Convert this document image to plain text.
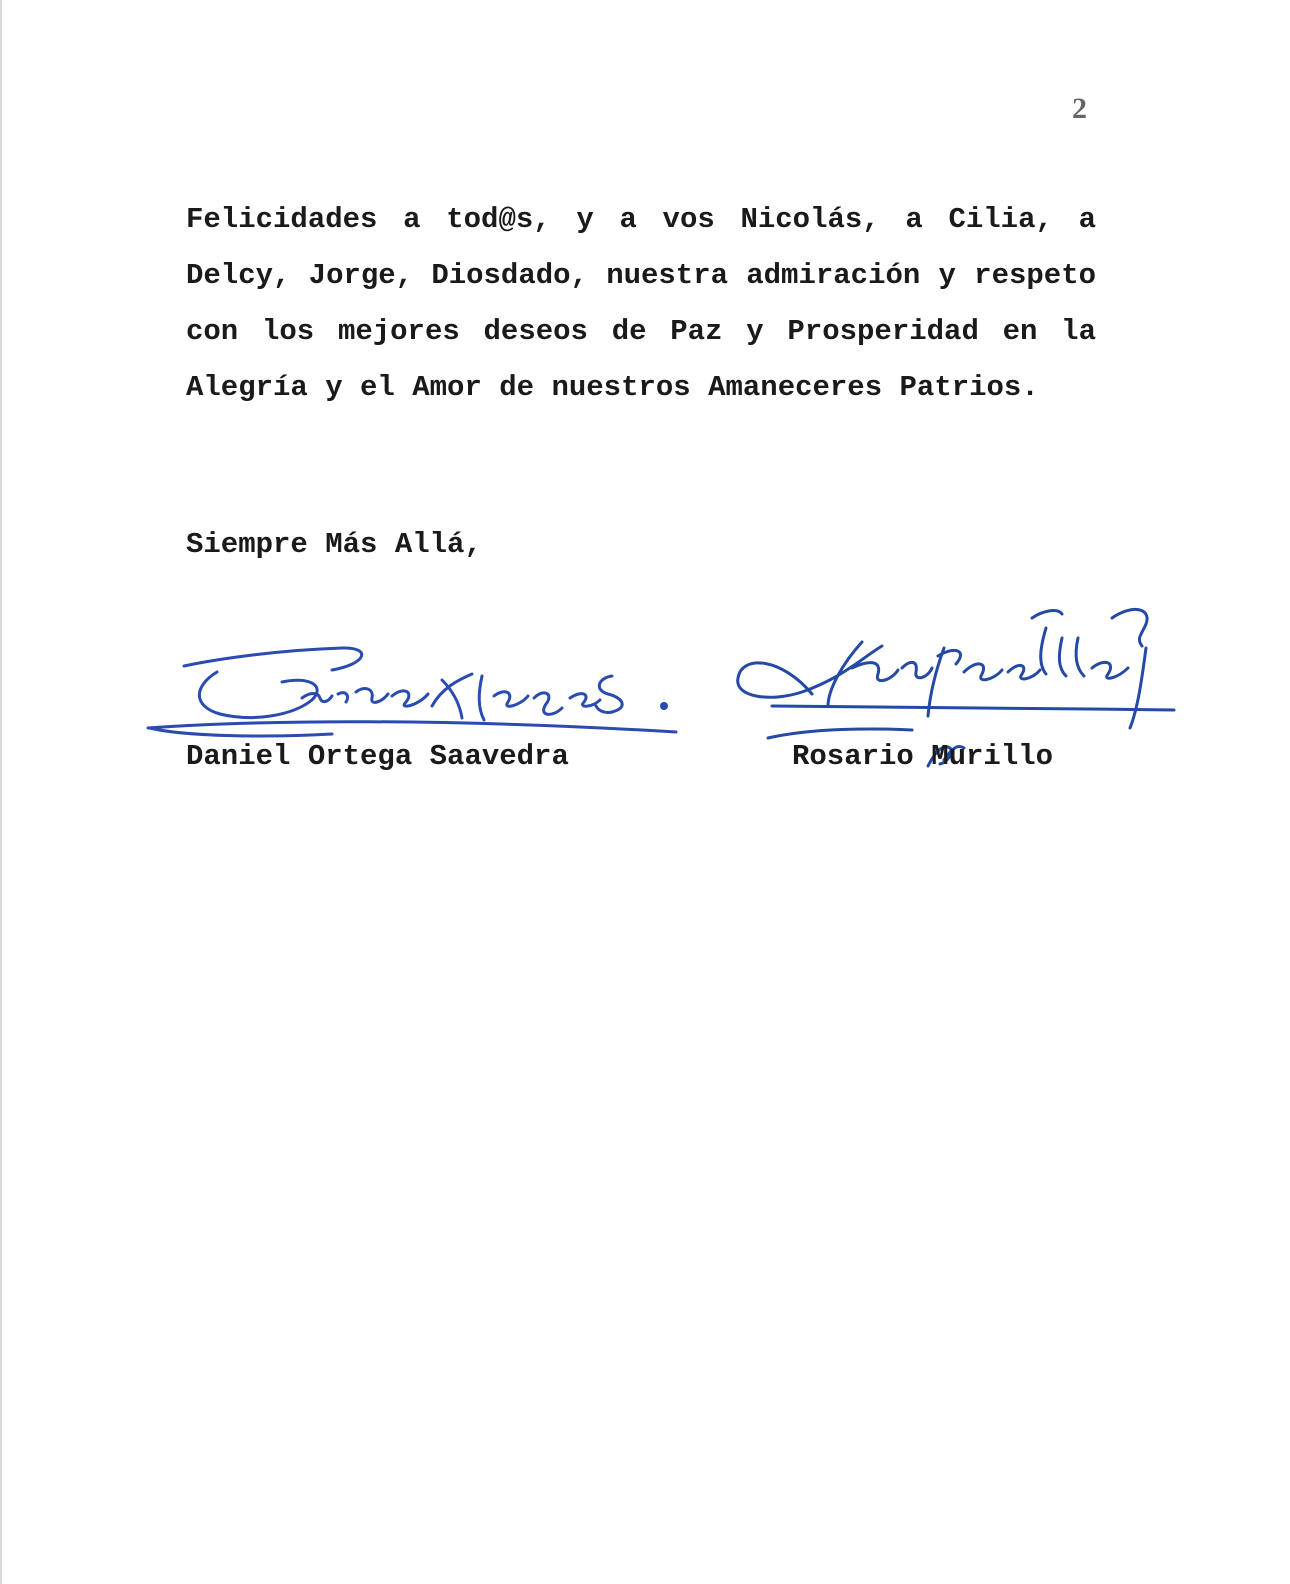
2

Felicidades a tod@s, y a vos Nicolás, a Cilia, a Delcy, Jorge, Diosdado, nuestra admiración y respeto con los mejores deseos de Paz y Prosperidad en la Alegría y el Amor de nuestros Amaneceres Patrios.

Siempre Más Allá,

Daniel Ortega Saavedra	Rosario Murillo
